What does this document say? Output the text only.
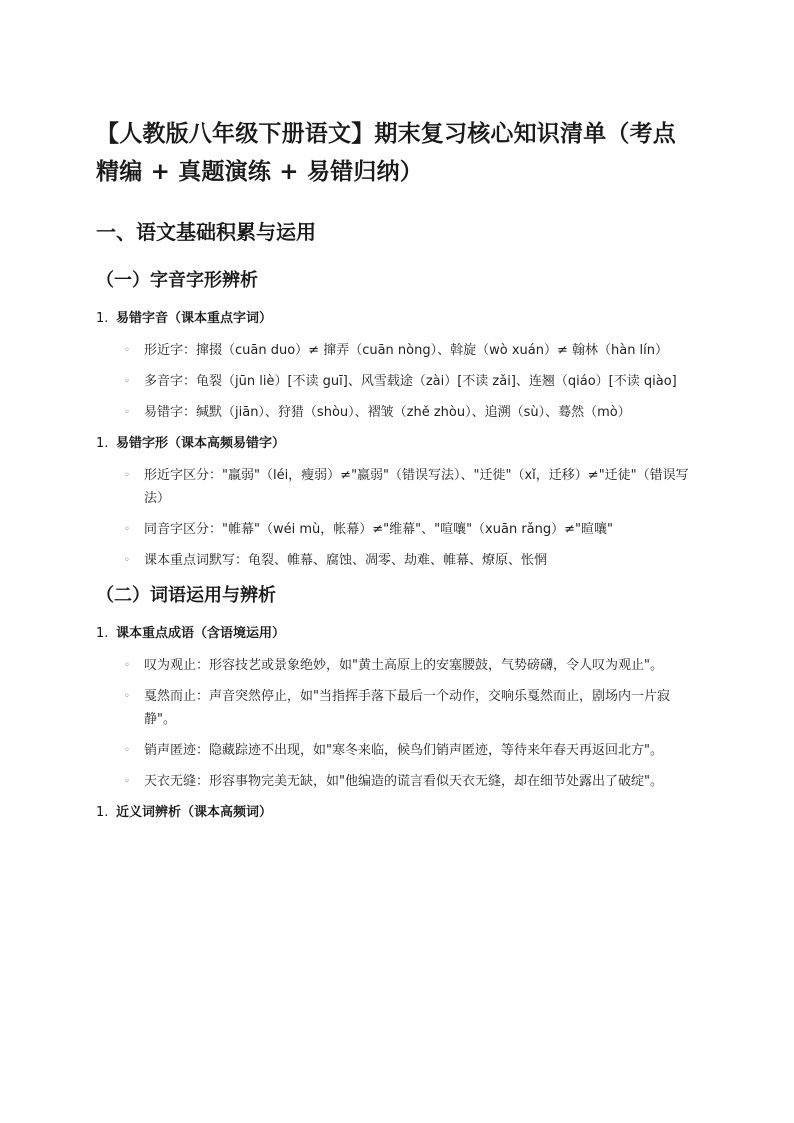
【人教版八年级下册语文】期末复习核心知识清单（考点精编 + 真题演练 + 易错归纳）
一、语文基础积累与运用
（一）字音字形辨析
1. 易错字音（课本重点字词）
◦ 形近字：撺掇（cuān duo）≠ 撺弄（cuān nòng）、斡旋（wò xuán）≠ 翰林（hàn lín）
◦ 多音字：龟裂（jūn liè）[不读 guī]、风雪载途（zài）[不读 zǎi]、连翘（qiáo）[不读 qiào]
◦ 易错字：缄默（jiān）、狩猎（shòu）、褶皱（zhě zhòu）、追溯（sù）、蓦然（mò）
1. 易错字形（课本高频易错字）
◦ 形近字区分："羸弱"（léi，瘦弱）≠"嬴弱"（错误写法）、"迁徙"（xǐ，迁移）≠"迁徒"（错误写法）
◦ 同音字区分："帷幕"（wéi mù，帐幕）≠"维幕"、"喧嚷"（xuān rǎng）≠"暄嚷"
◦ 课本重点词默写：龟裂、帷幕、腐蚀、凋零、劫难、帷幕、燎原、怅惘
（二）词语运用与辨析
1. 课本重点成语（含语境运用）
◦ 叹为观止：形容技艺或景象绝妙，如"黄土高原上的安塞腰鼓，气势磅礴，令人叹为观止"。
◦ 戛然而止：声音突然停止，如"当指挥手落下最后一个动作，交响乐戛然而止，剧场内一片寂静"。
◦ 销声匿迹：隐藏踪迹不出现，如"寒冬来临，候鸟们销声匿迹，等待来年春天再返回北方"。
◦ 天衣无缝：形容事物完美无缺，如"他编造的谎言看似天衣无缝，却在细节处露出了破绽"。
1. 近义词辨析（课本高频词）
